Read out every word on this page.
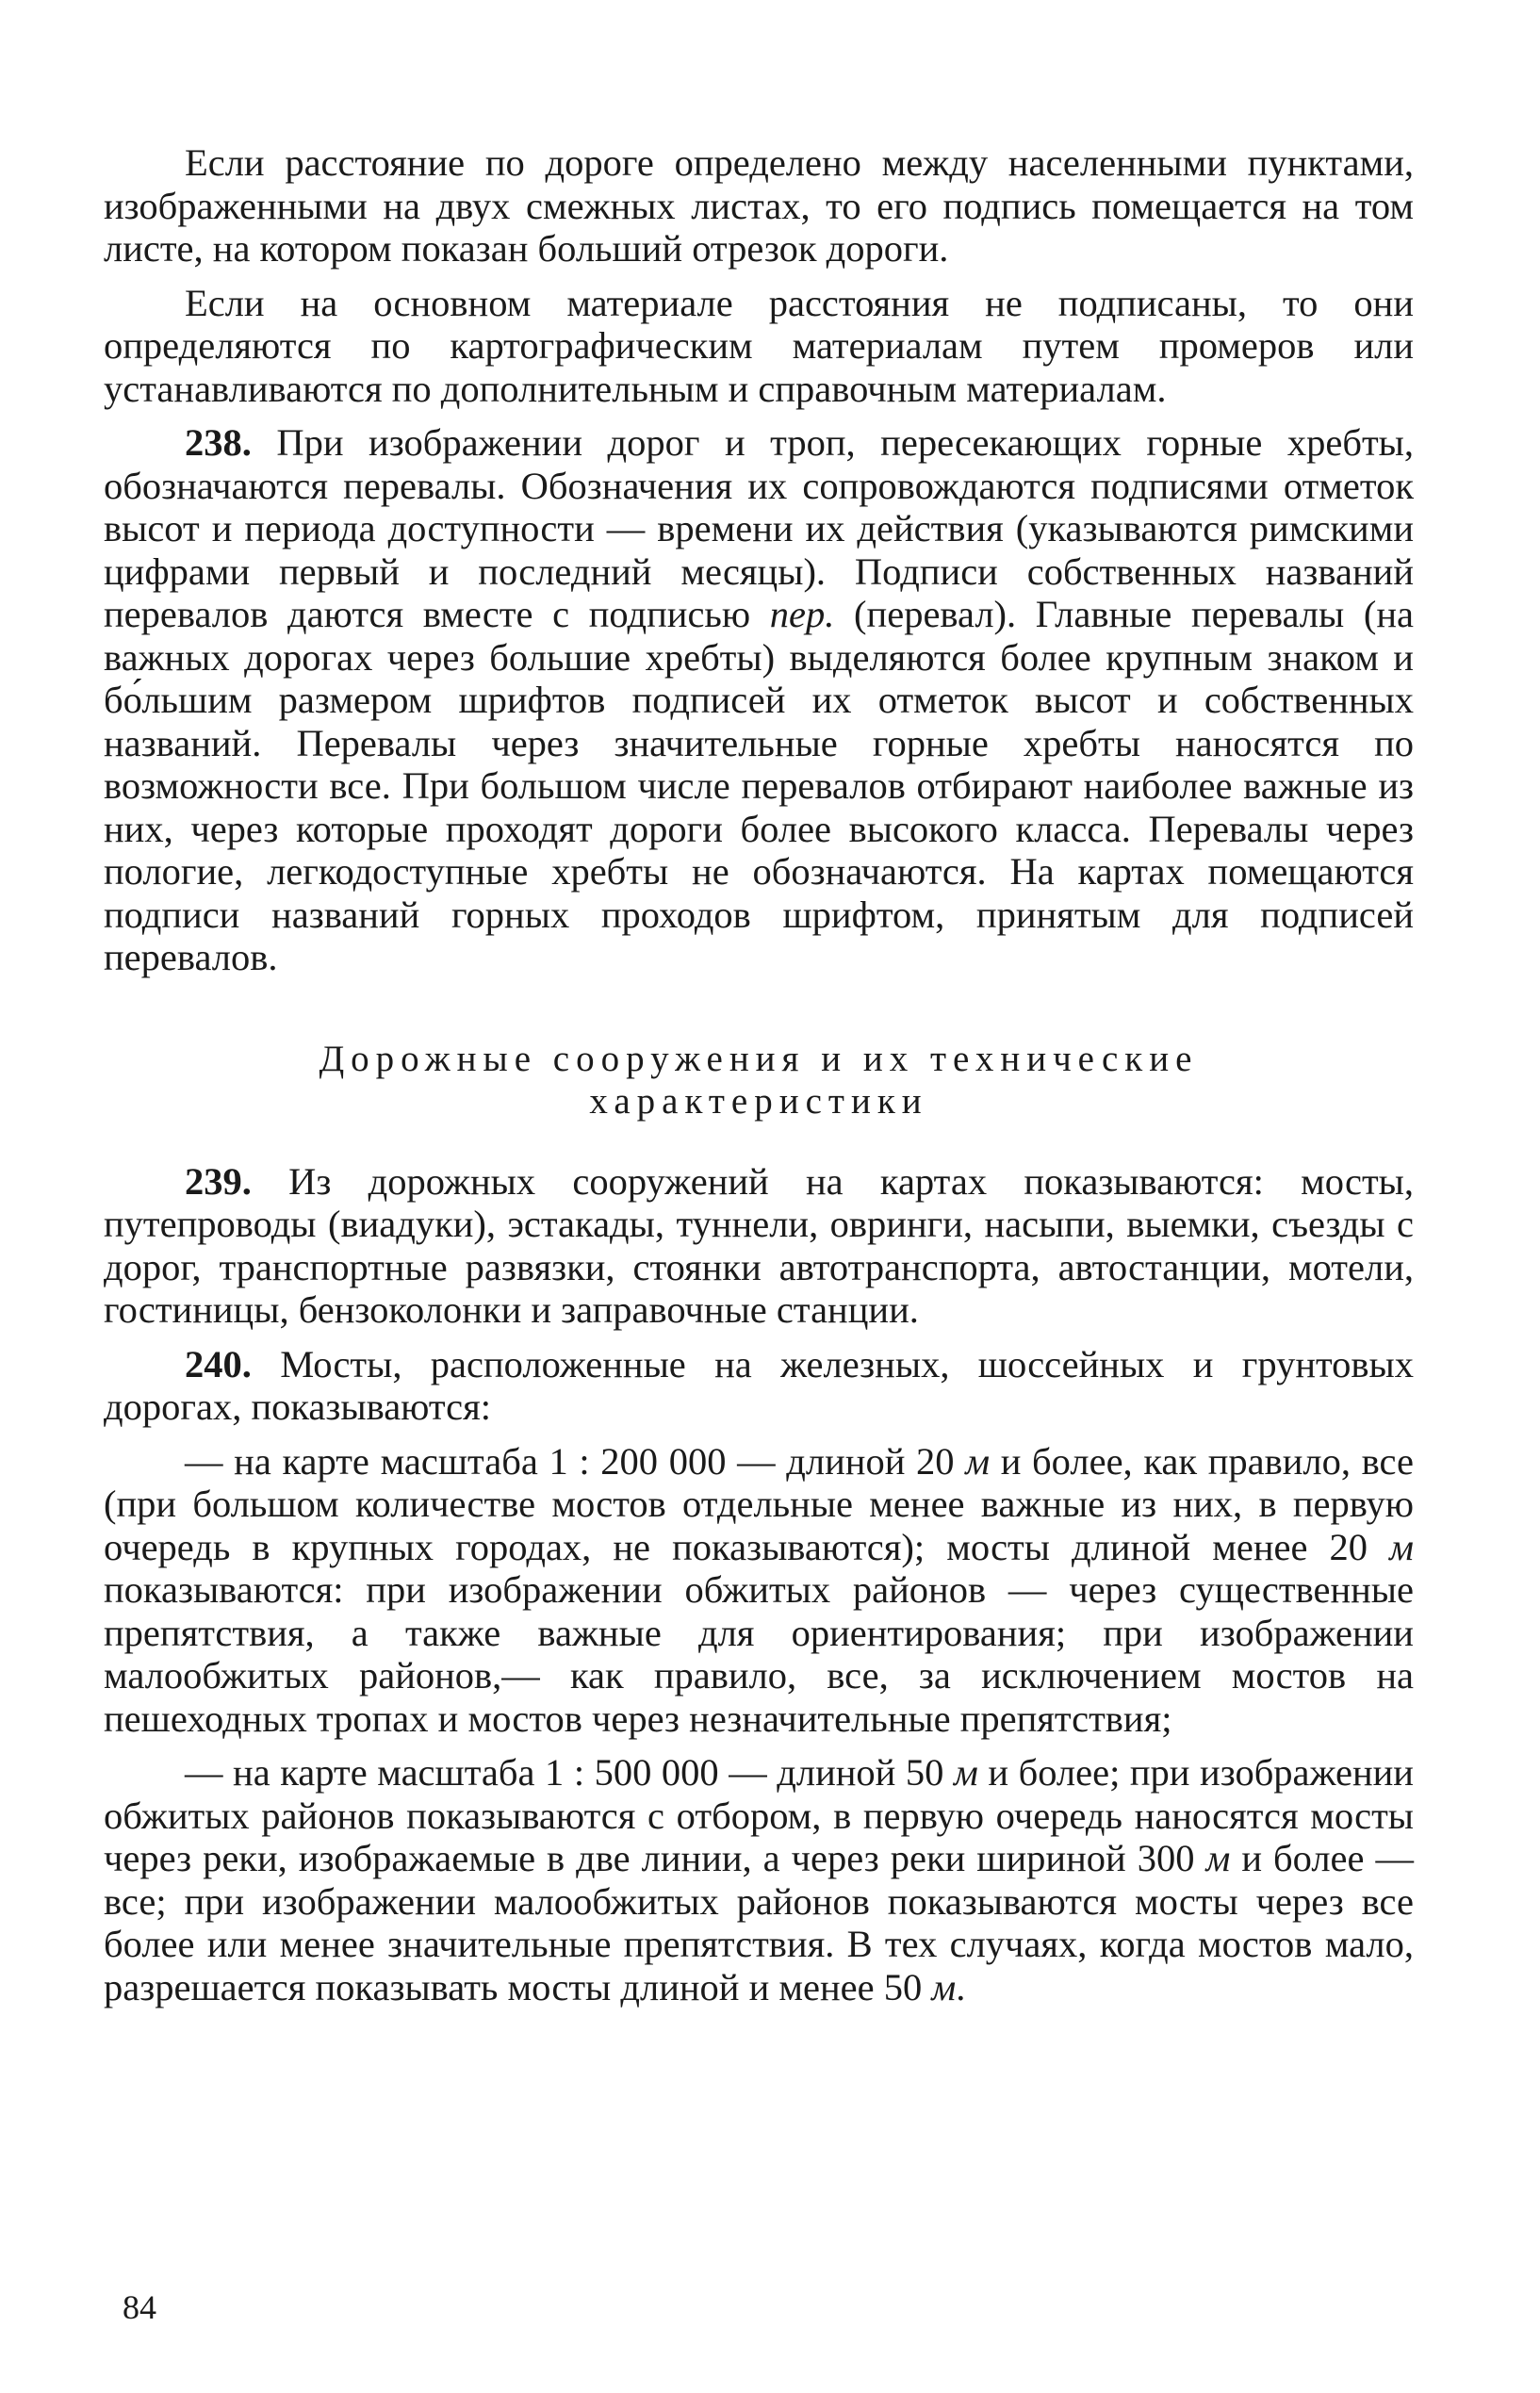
Если расстояние по дороге определено между населенными пунктами, изображенными на двух смежных листах, то его подпись помещается на том листе, на котором показан больший отрезок дороги.

Если на основном материале расстояния не подписаны, то они определяются по картографическим материалам путем промеров или устанавливаются по дополнительным и справочным материалам.

238. При изображении дорог и троп, пересекающих горные хребты, обозначаются перевалы. Обозначения их сопровождаются подписями отметок высот и периода доступности — времени их действия (указываются римскими цифрами первый и последний месяцы). Подписи собственных названий перевалов даются вместе с подписью пер. (перевал). Главные перевалы (на важных дорогах через большие хребты) выделяются более крупным знаком и бо́льшим размером шрифтов подписей их отметок высот и собственных названий. Перевалы через значительные горные хребты наносятся по возможности все. При большом числе перевалов отбирают наиболее важные из них, через которые проходят дороги более высокого класса. Перевалы через пологие, легкодоступные хребты не обозначаются. На картах помещаются подписи названий горных проходов шрифтом, принятым для подписей перевалов.

Дорожные сооружения и их технические
характеристики

239. Из дорожных сооружений на картах показываются: мосты, путепроводы (виадуки), эстакады, туннели, овринги, насыпи, выемки, съезды с дорог, транспортные развязки, стоянки автотранспорта, автостанции, мотели, гостиницы, бензоколонки и заправочные станции.

240. Мосты, расположенные на железных, шоссейных и грунтовых дорогах, показываются:

— на карте масштаба 1 : 200 000 — длиной 20 м и более, как правило, все (при большом количестве мостов отдельные менее важные из них, в первую очередь в крупных городах, не показываются); мосты длиной менее 20 м показываются: при изображении обжитых районов — через существенные препятствия, а также важные для ориентирования; при изображении малообжитых районов,— как правило, все, за исключением мостов на пешеходных тропах и мостов через незначительные препятствия;

— на карте масштаба 1 : 500 000 — длиной 50 м и более; при изображении обжитых районов показываются с отбором, в первую очередь наносятся мосты через реки, изображаемые в две линии, а через реки шириной 300 м и более — все; при изображении малообжитых районов показываются мосты через все более или менее значительные препятствия. В тех случаях, когда мостов мало, разрешается показывать мосты длиной и менее 50 м.

84
